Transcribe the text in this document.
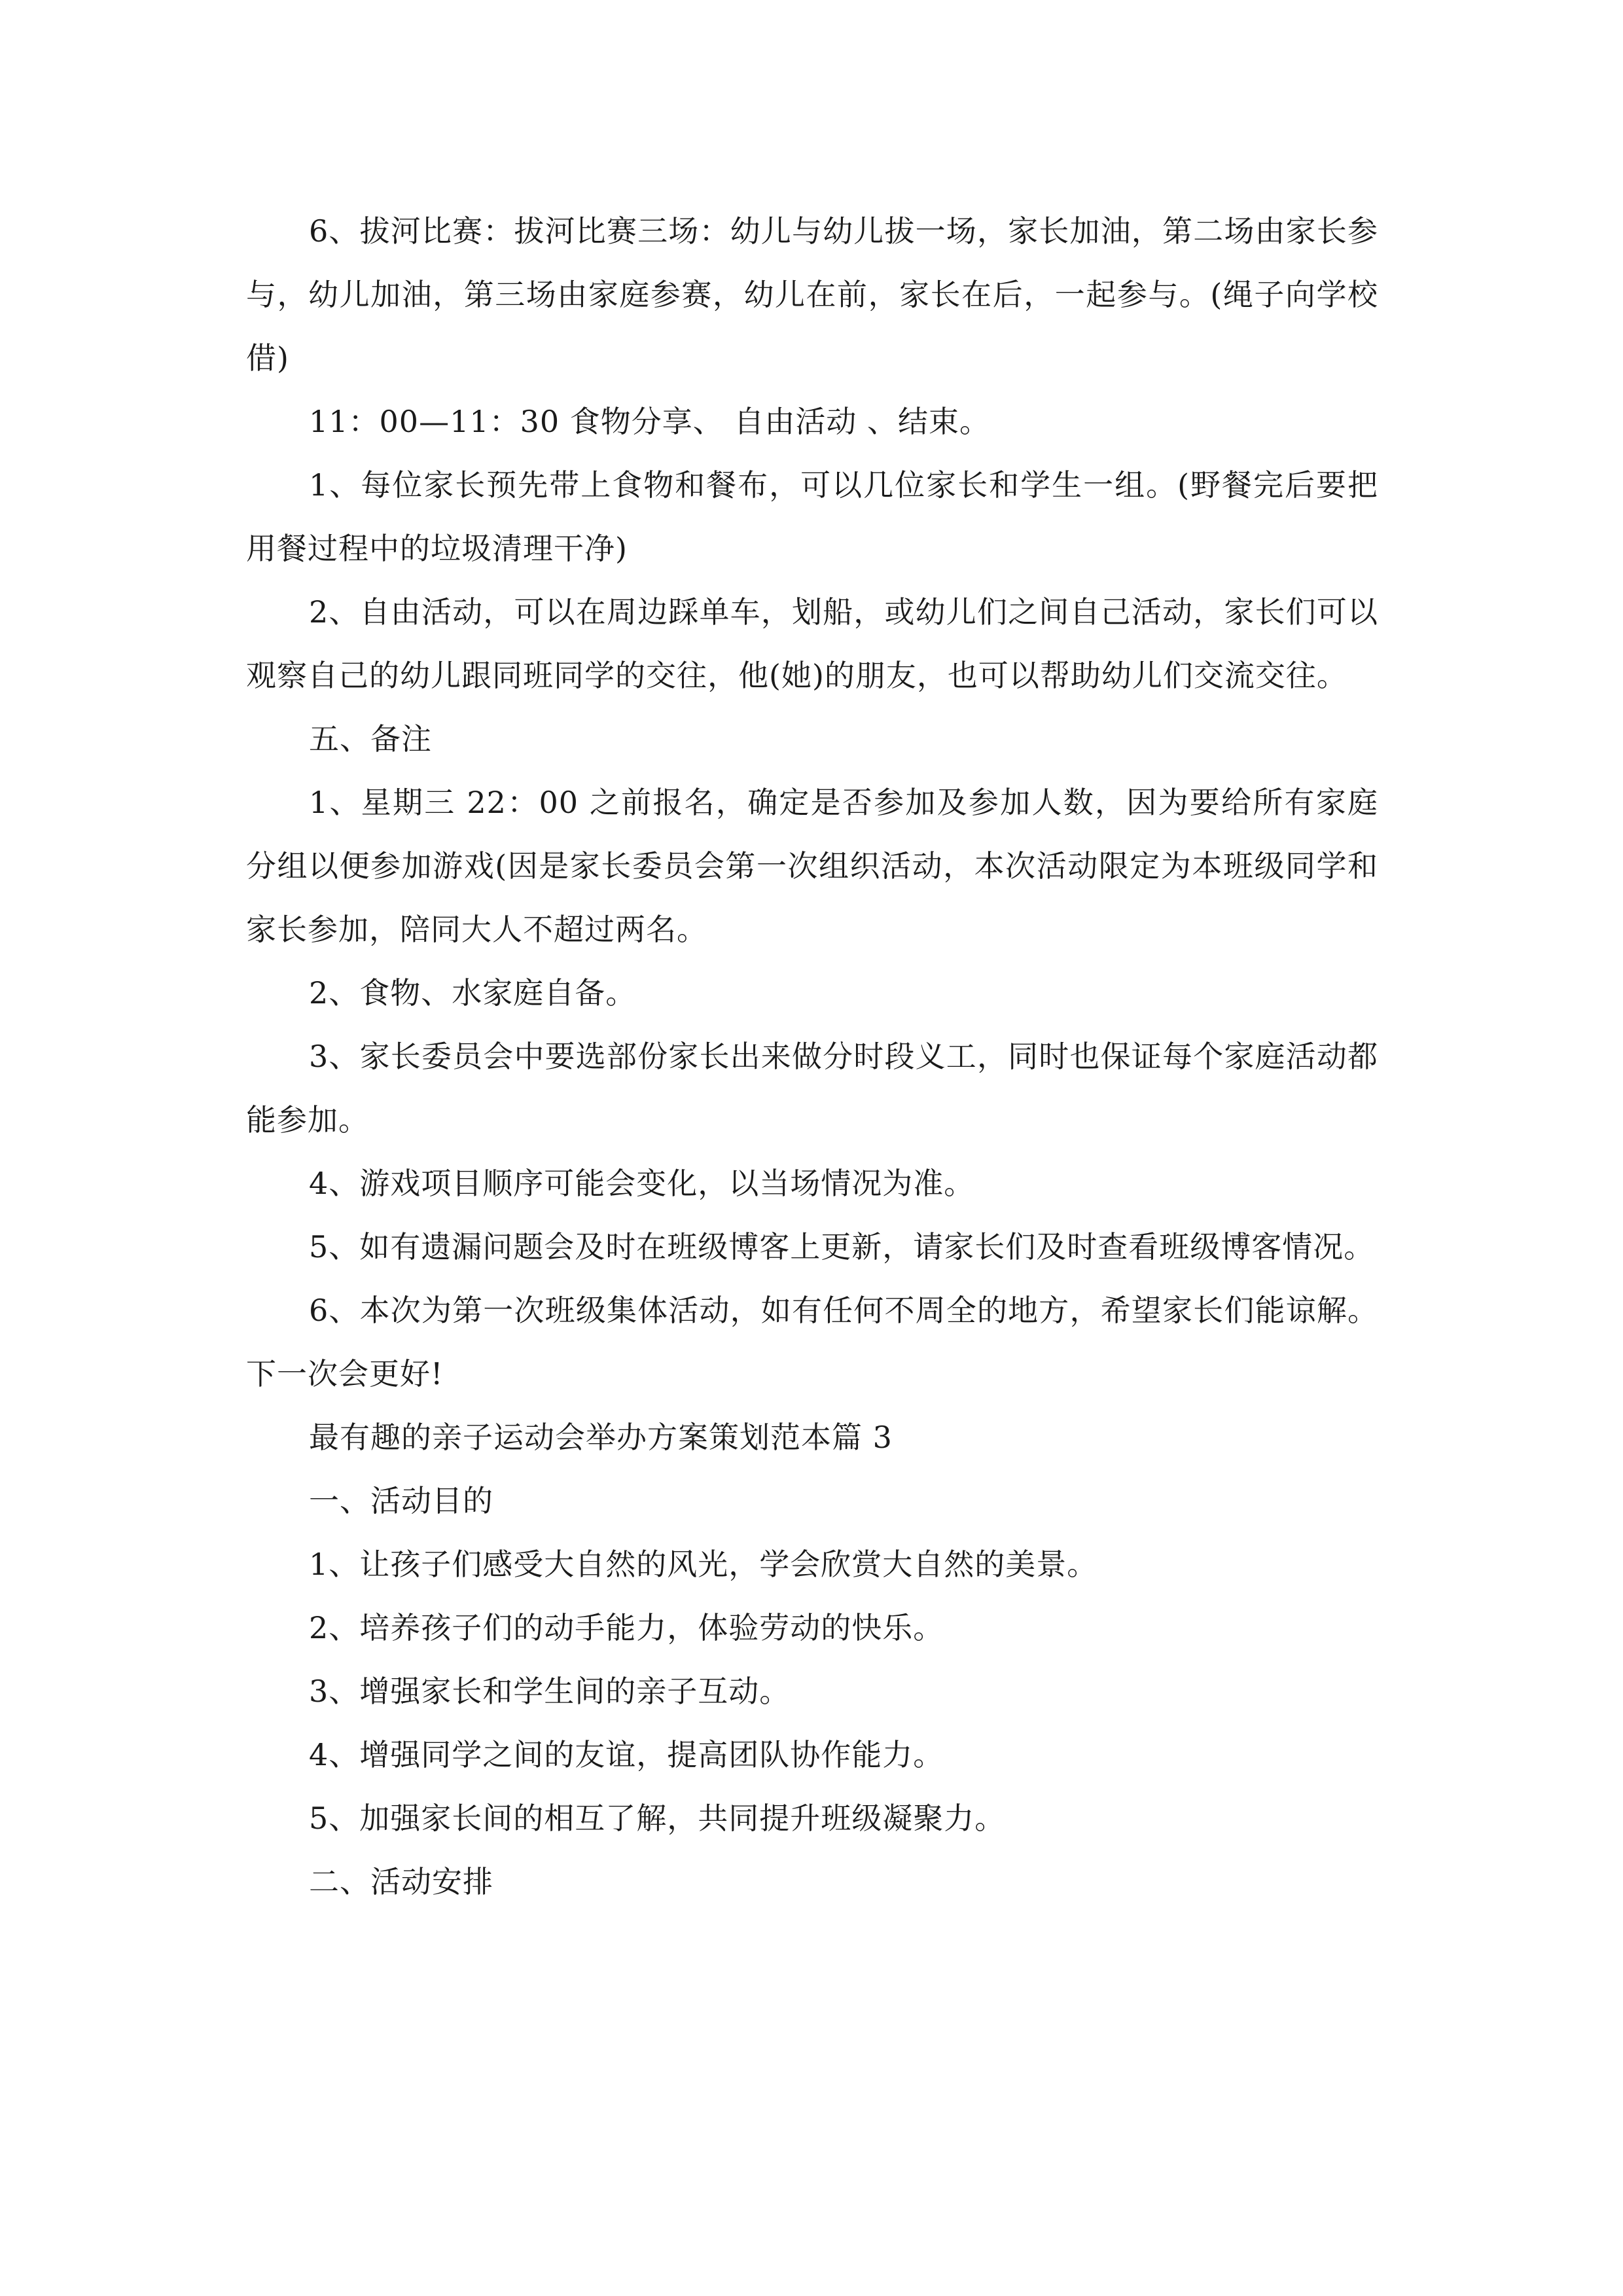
6、拔河比赛：拔河比赛三场：幼儿与幼儿拔一场，家长加油，第二场由家长参与，幼儿加油，第三场由家庭参赛，幼儿在前，家长在后，一起参与。(绳子向学校借)

11：00—11：30 食物分享、 自由活动 、结束。

1、每位家长预先带上食物和餐布，可以几位家长和学生一组。(野餐完后要把用餐过程中的垃圾清理干净)

2、自由活动，可以在周边踩单车，划船，或幼儿们之间自己活动，家长们可以观察自己的幼儿跟同班同学的交往，他(她)的朋友，也可以帮助幼儿们交流交往。

五、备注

1、星期三 22：00 之前报名，确定是否参加及参加人数，因为要给所有家庭分组以便参加游戏(因是家长委员会第一次组织活动，本次活动限定为本班级同学和家长参加，陪同大人不超过两名。

2、食物、水家庭自备。

3、家长委员会中要选部份家长出来做分时段义工，同时也保证每个家庭活动都能参加。

4、游戏项目顺序可能会变化，以当场情况为准。

5、如有遗漏问题会及时在班级博客上更新，请家长们及时查看班级博客情况。

6、本次为第一次班级集体活动，如有任何不周全的地方，希望家长们能谅解。下一次会更好!

最有趣的亲子运动会举办方案策划范本篇 3

一、活动目的

1、让孩子们感受大自然的风光，学会欣赏大自然的美景。

2、培养孩子们的动手能力，体验劳动的快乐。

3、增强家长和学生间的亲子互动。

4、增强同学之间的友谊，提高团队协作能力。

5、加强家长间的相互了解，共同提升班级凝聚力。

二、活动安排
